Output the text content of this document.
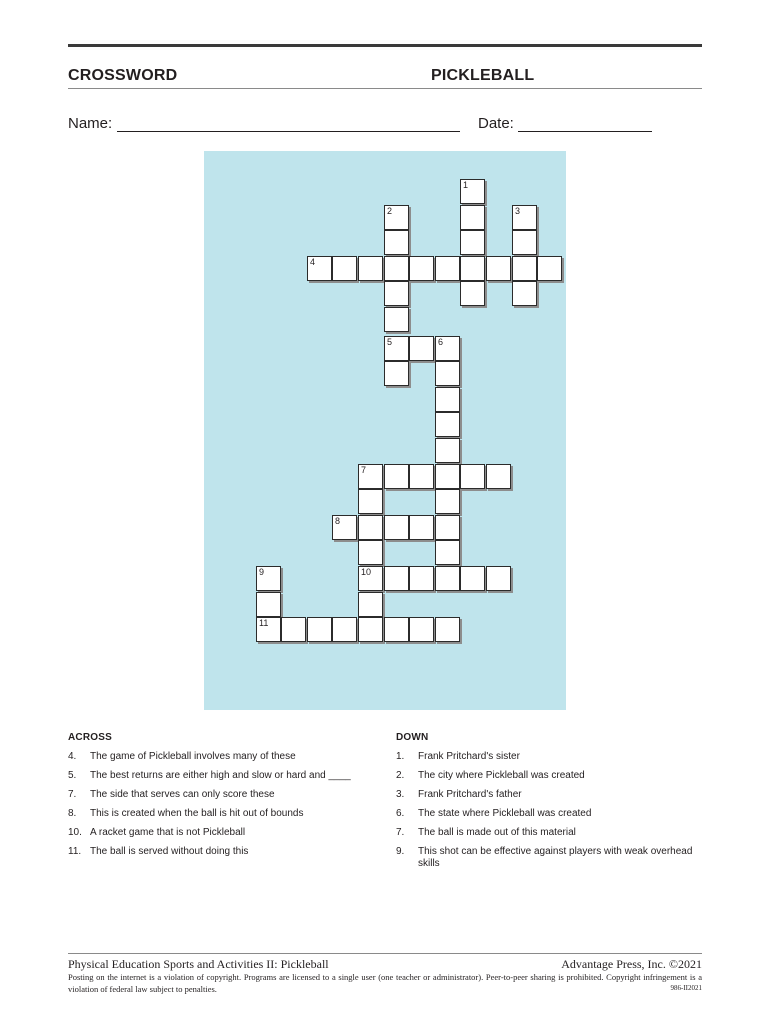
CROSSWORD	PICKLEBALL
Name:	Date:
1
2	3
4
5	6
7
8
9	10
11
ACROSS
4.	The game of Pickleball involves many of these
5.	The best returns are either high and slow or hard and ____
7.	The side that serves can only score these
8.	This is created when the ball is hit out of bounds
10. A racket game that is not Pickleball
11. The ball is served without doing this
DOWN
1.	Frank Pritchard's sister
2.	The city where Pickleball was created
3.	Frank Pritchard's father
6.	The state where Pickleball was created
7.	The ball is made out of this material
9.	This shot can be effective against players with weak overhead skills
Physical Education Sports and Activities II: Pickleball	Advantage Press, Inc. ©2021
Posting on the internet is a violation of copyright. Programs are licensed to a single user (one teacher or administrator). Peer-to-peer sharing is prohibited. Copyright infringement is a violation of federal law subject to penalties.	986-II2021
